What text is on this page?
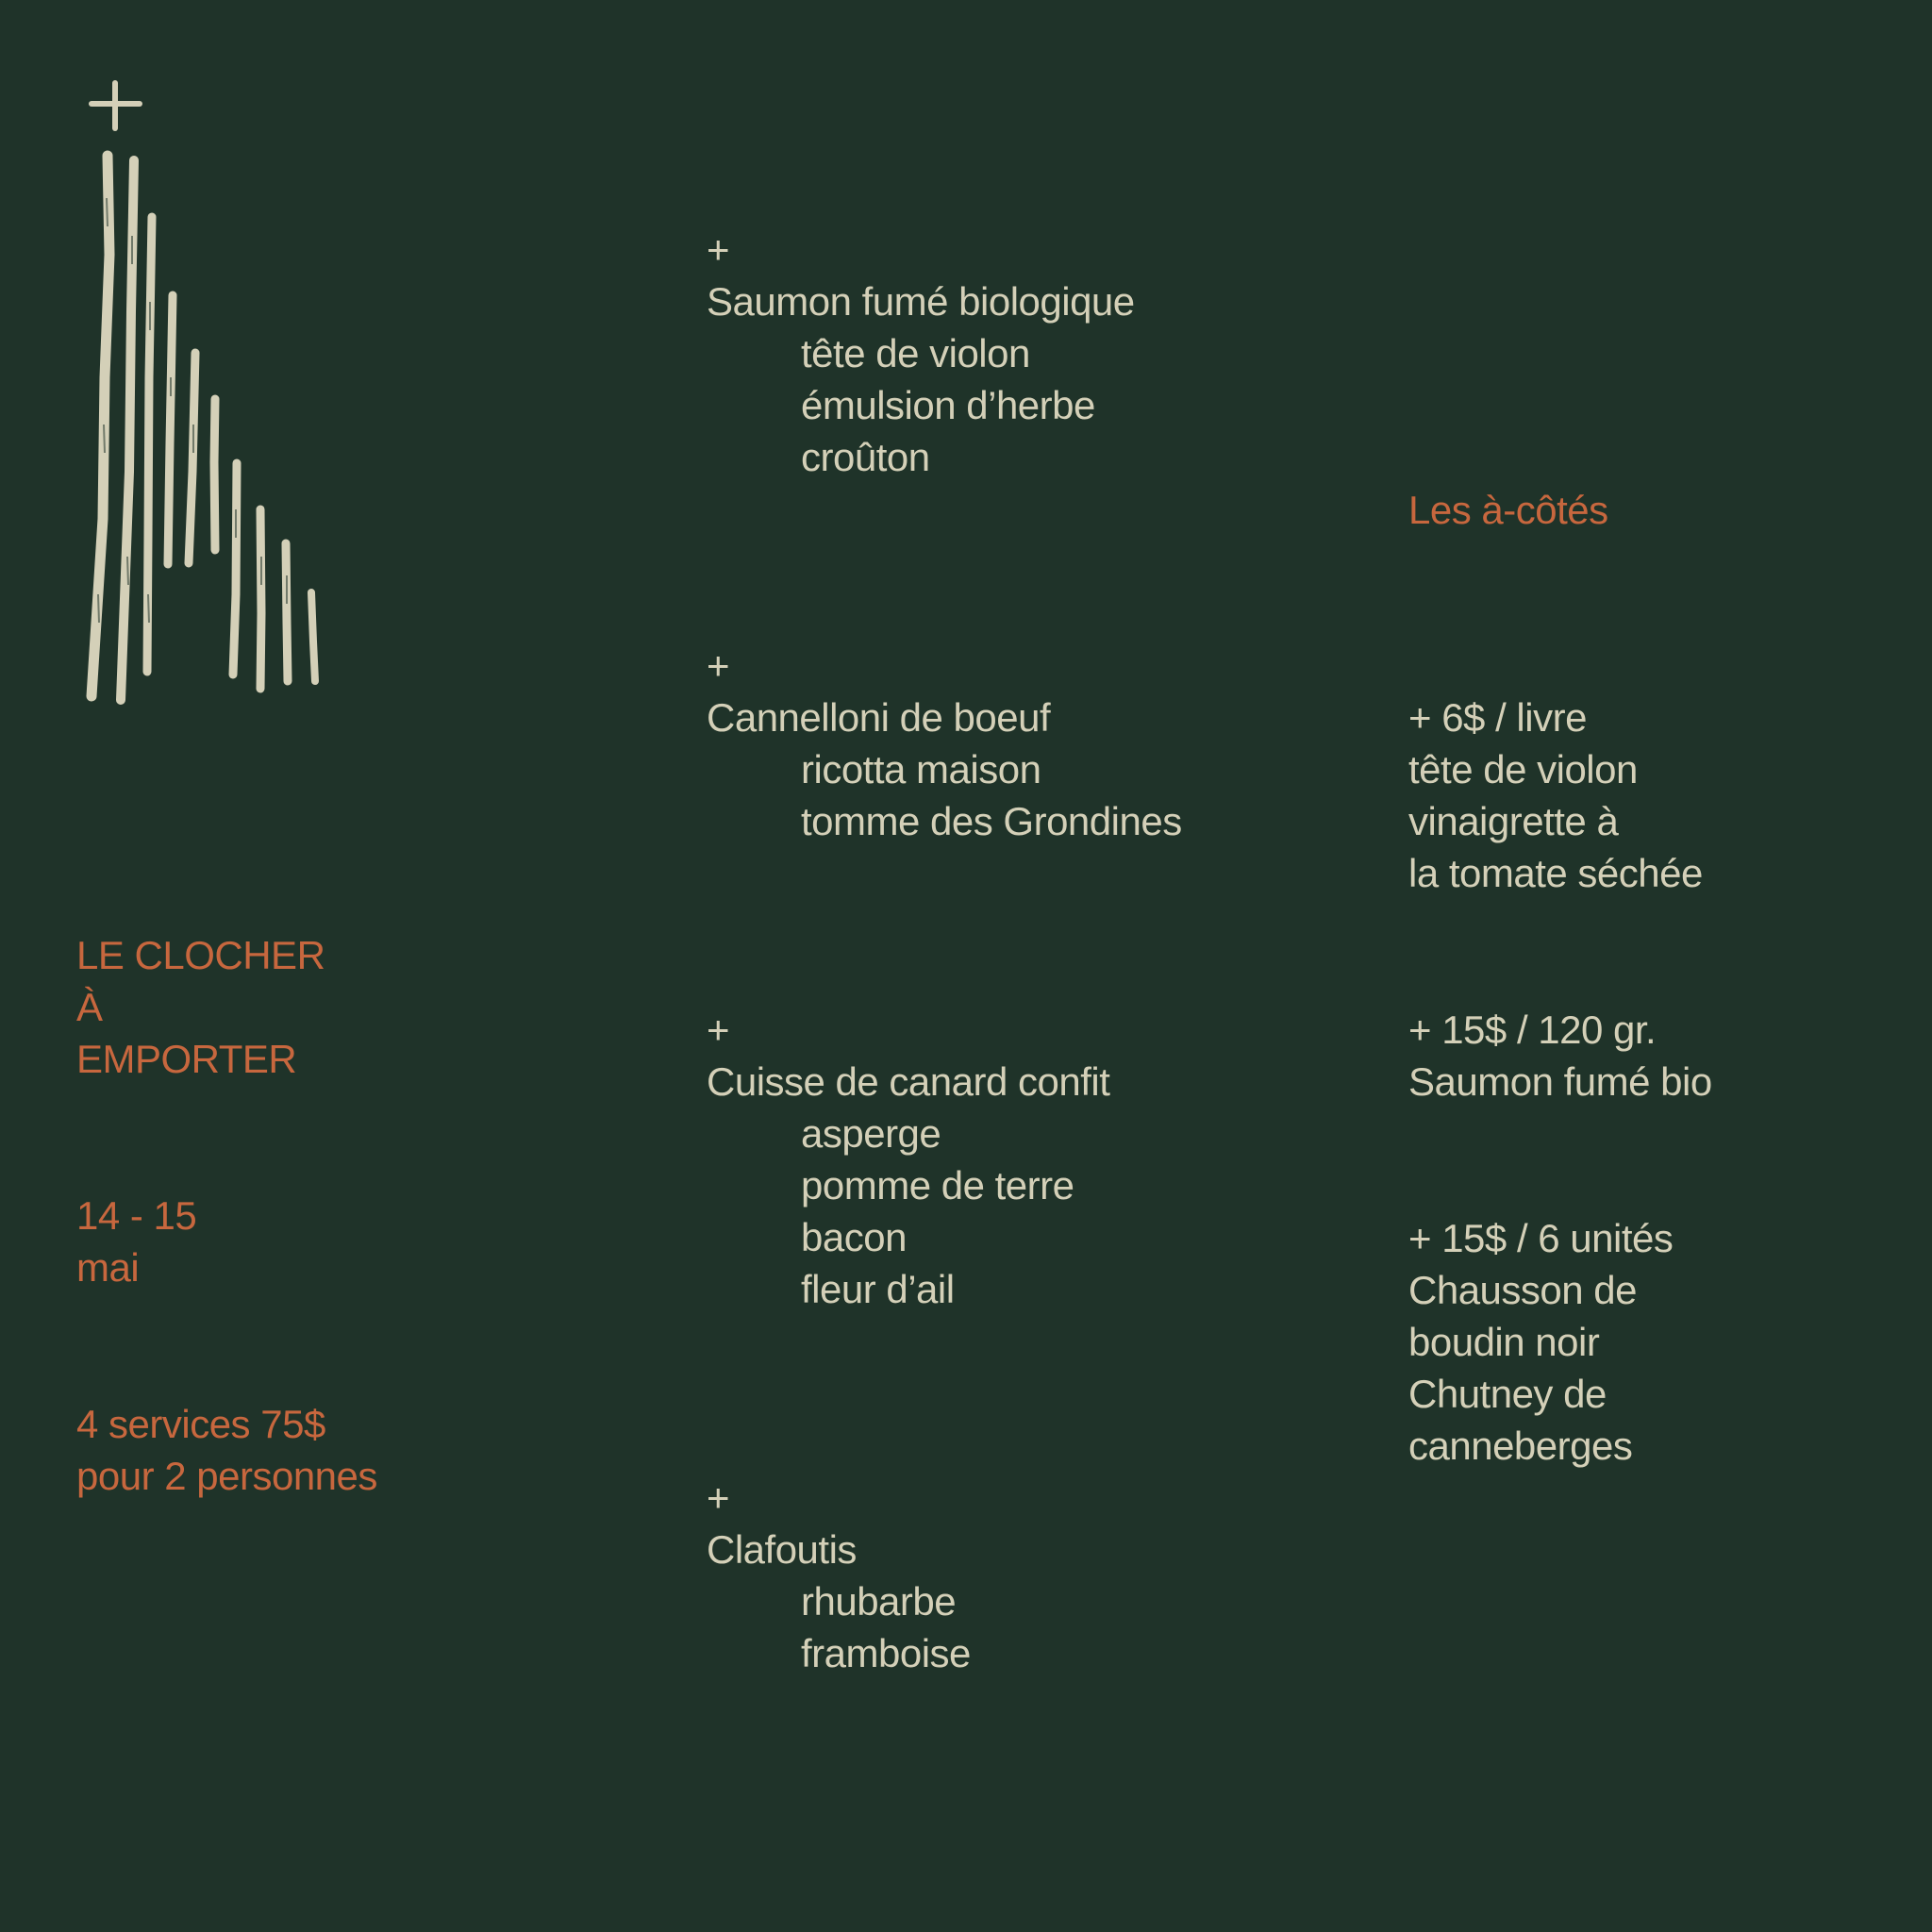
LE CLOCHER
À
EMPORTER
14 - 15
mai
4 services 75$
pour 2 personnes
+
Saumon fumé biologique
tête de violon
émulsion d’herbe
croûton
+
Cannelloni de boeuf
ricotta maison
tomme des Grondines
+
Cuisse de canard confit
asperge
pomme de terre
bacon
fleur d’ail
+
Clafoutis
rhubarbe
framboise
Les à-côtés
+ 6$ / livre
tête de violon
vinaigrette à
la tomate séchée
+ 15$ / 120 gr.
Saumon fumé bio
+ 15$ / 6 unités
Chausson de
boudin noir
Chutney de
canneberges
